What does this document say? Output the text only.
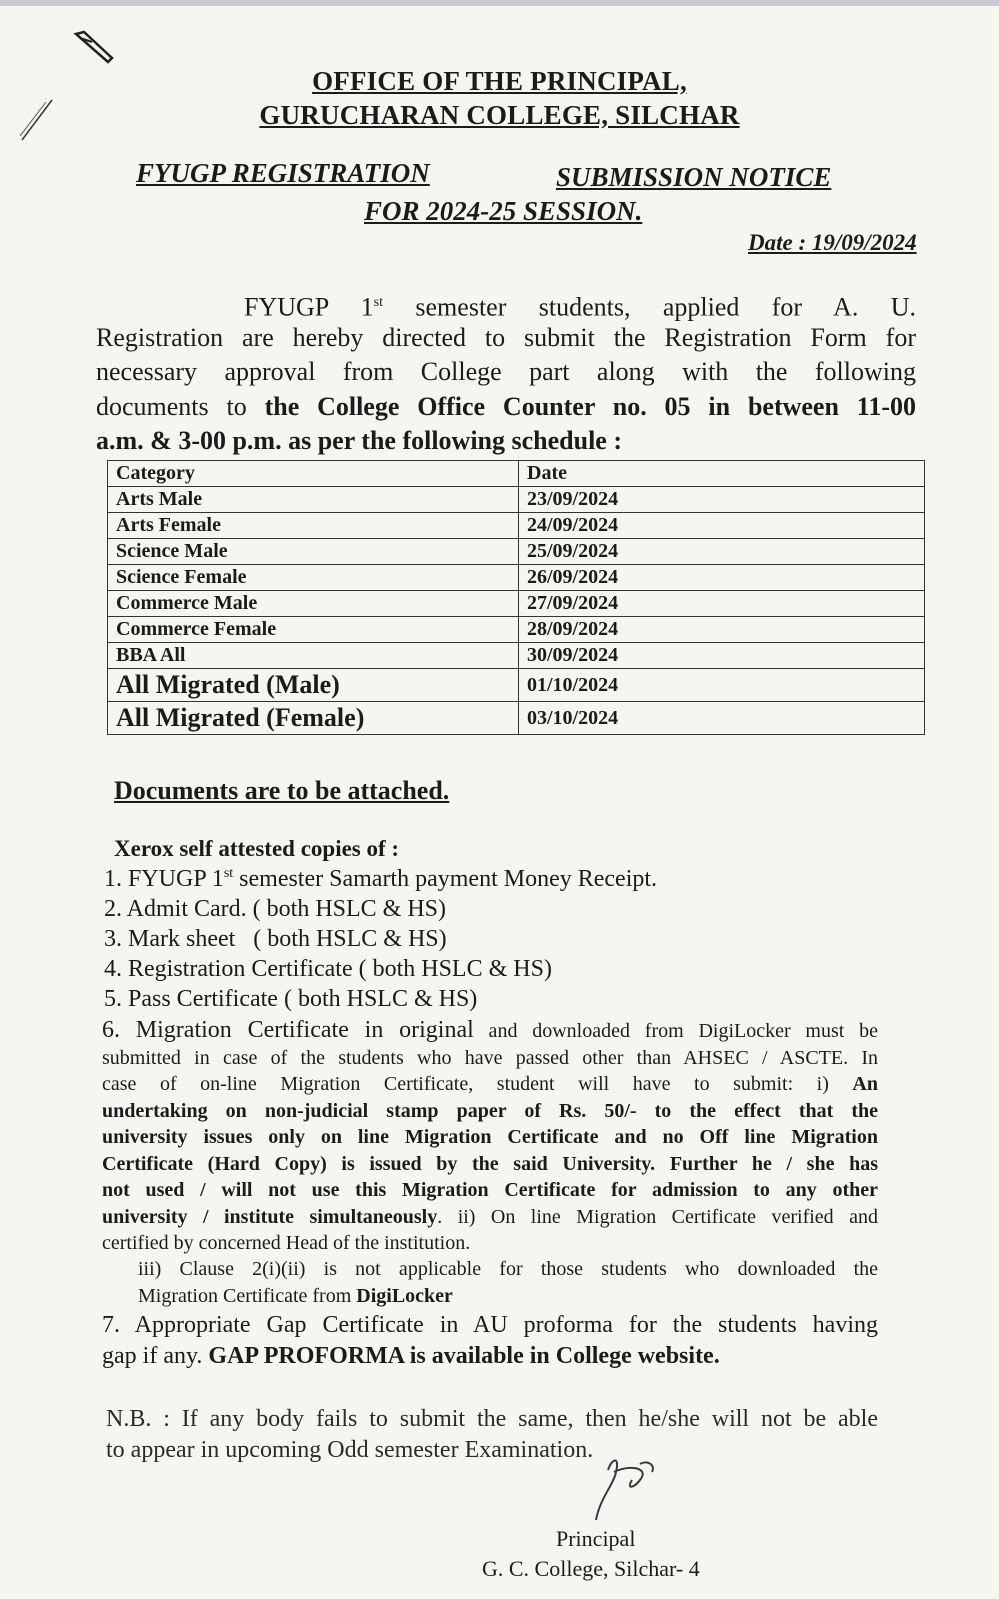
OFFICE OF THE PRINCIPAL,
GURUCHARAN COLLEGE, SILCHAR
FYUGP REGISTRATION	SUBMISSION NOTICE
FOR 2024-25 SESSION.
Date : 19/09/2024
FYUGP 1st semester students, applied for A. U.
Registration are hereby directed to submit the Registration Form for
necessary approval from College part along with the following
documents to the College Office Counter no. 05 in between 11-00
a.m. & 3-00 p.m. as per the following schedule :
Category	Date
Arts Male	23/09/2024
Arts Female	24/09/2024
Science Male	25/09/2024
Science Female	26/09/2024
Commerce Male	27/09/2024
Commerce Female	28/09/2024
BBA All	30/09/2024
All Migrated (Male)	01/10/2024
All Migrated (Female)	03/10/2024
Documents are to be attached.
Xerox self attested copies of :
1. FYUGP 1st semester Samarth payment Money Receipt.
2. Admit Card. ( both HSLC & HS)
3. Mark sheet   ( both HSLC & HS)
4. Registration Certificate ( both HSLC & HS)
5. Pass Certificate ( both HSLC & HS)
6. Migration Certificate in original and downloaded from DigiLocker must be
submitted in case of the students who have passed other than AHSEC / ASCTE. In
case of on-line Migration Certificate, student will have to submit: i) An
undertaking on non-judicial stamp paper of Rs. 50/- to the effect that the
university issues only on line Migration Certificate and no Off line Migration
Certificate (Hard Copy) is issued by the said University. Further he / she has
not used / will not use this Migration Certificate for admission to any other
university / institute simultaneously. ii) On line Migration Certificate verified and
certified by concerned Head of the institution.
iii) Clause 2(i)(ii) is not applicable for those students who downloaded the
Migration Certificate from DigiLocker
7. Appropriate Gap Certificate in AU proforma for the students having
gap if any. GAP PROFORMA is available in College website.
N.B. : If any body fails to submit the same, then he/she will not be able
to appear in upcoming Odd semester Examination.
Principal
G. C. College, Silchar- 4
